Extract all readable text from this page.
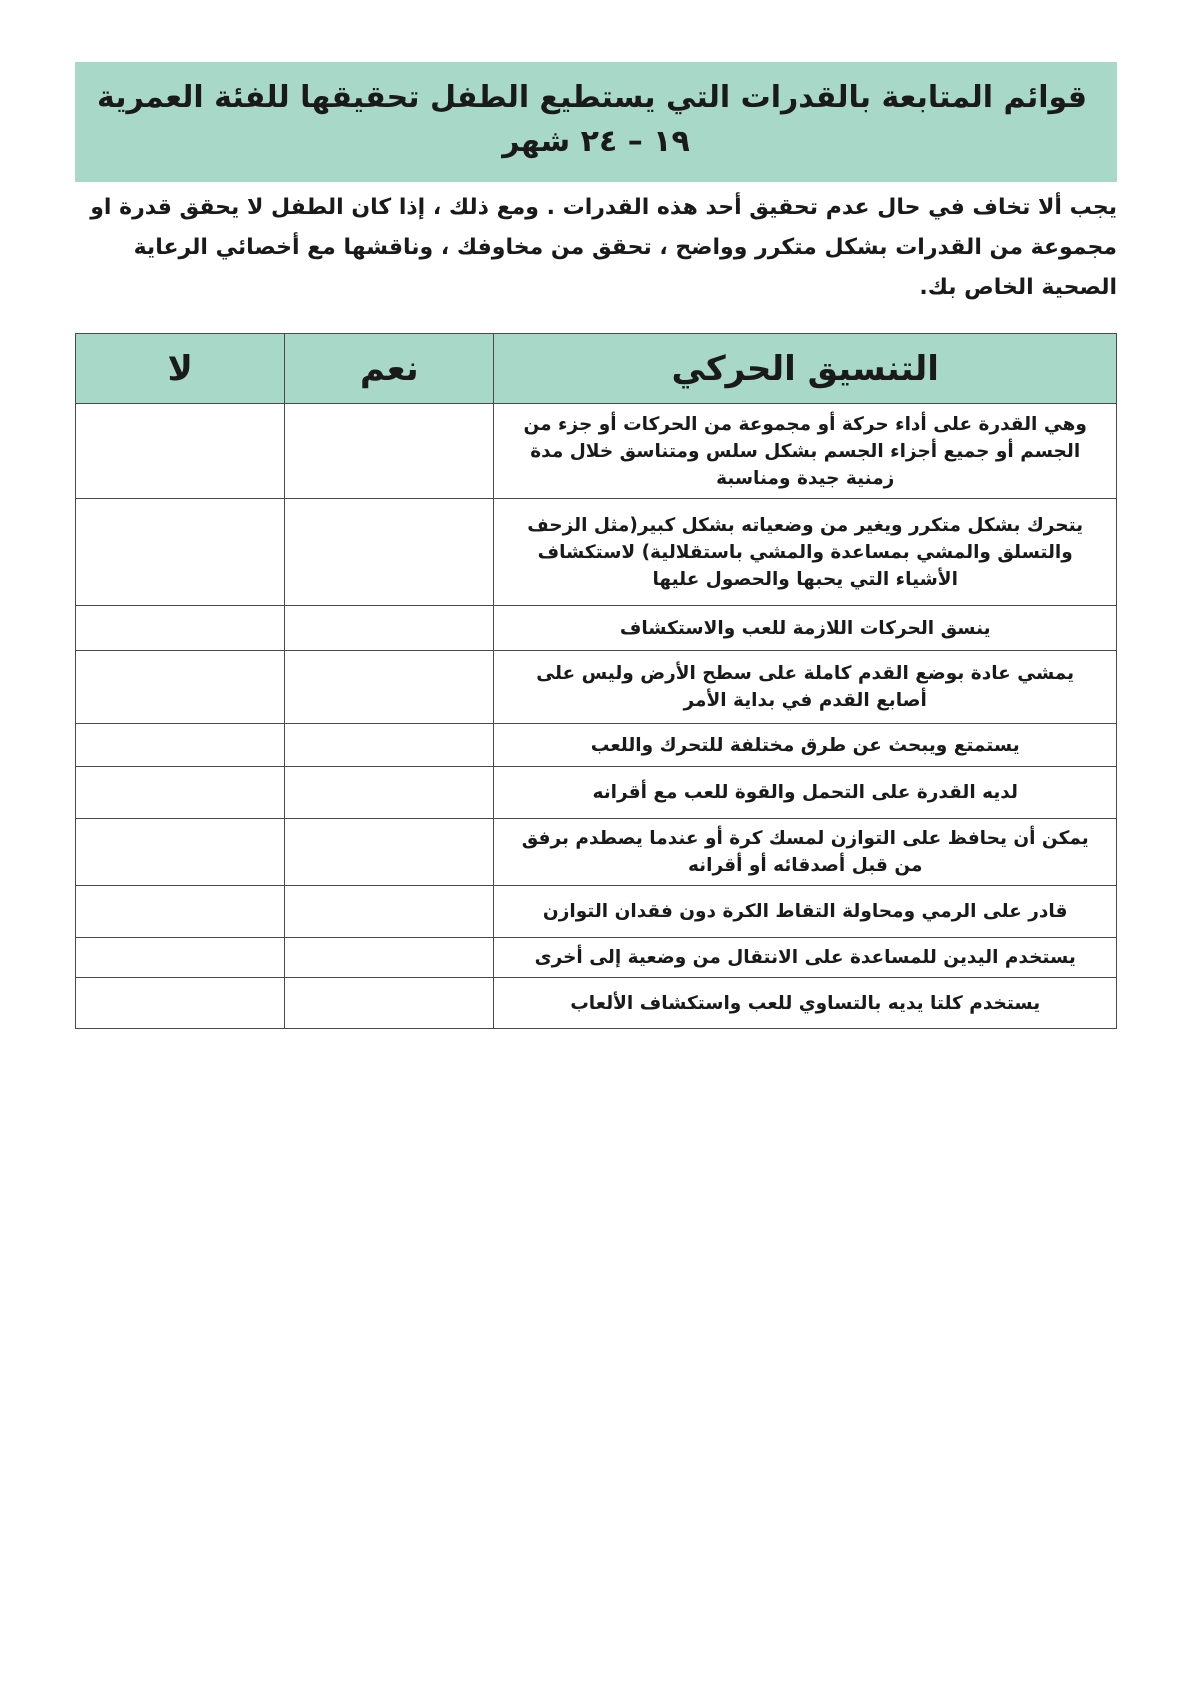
قوائم المتابعة بالقدرات التي يستطيع الطفل تحقيقها للفئة العمرية
١٩ – ٢٤ شهر
يجب ألا تخاف في حال عدم تحقيق أحد هذه القدرات . ومع ذلك ، إذا كان الطفل لا يحقق قدرة او
مجموعة من القدرات بشكل متكرر وواضح ، تحقق من مخاوفك ، وناقشها مع أخصائي الرعاية
الصحية الخاص بك.
التنسيق الحركي	نعم	لا
وهي القدرة على أداء حركة أو مجموعة من الحركات أو جزء من الجسم أو جميع أجزاء الجسم بشكل سلس ومتناسق خلال مدة زمنية جيدة ومناسبة		
يتحرك بشكل متكرر ويغير من وضعياته بشكل كبير(مثل الزحف والتسلق والمشي بمساعدة والمشي باستقلالية) لاستكشاف الأشياء التي يحبها والحصول عليها		
ينسق الحركات اللازمة للعب والاستكشاف		
يمشي عادة بوضع القدم كاملة على سطح الأرض وليس على أصابع القدم في بداية الأمر		
يستمتع ويبحث عن طرق مختلفة للتحرك واللعب		
لديه القدرة على التحمل والقوة للعب مع أقرانه		
يمكن أن يحافظ على التوازن لمسك كرة أو عندما يصطدم برفق من قبل أصدقائه أو أقرانه		
قادر على الرمي ومحاولة التقاط الكرة دون فقدان التوازن		
يستخدم اليدين للمساعدة على الانتقال من وضعية إلى أخرى		
يستخدم كلتا يديه بالتساوي للعب واستكشاف الألعاب		
